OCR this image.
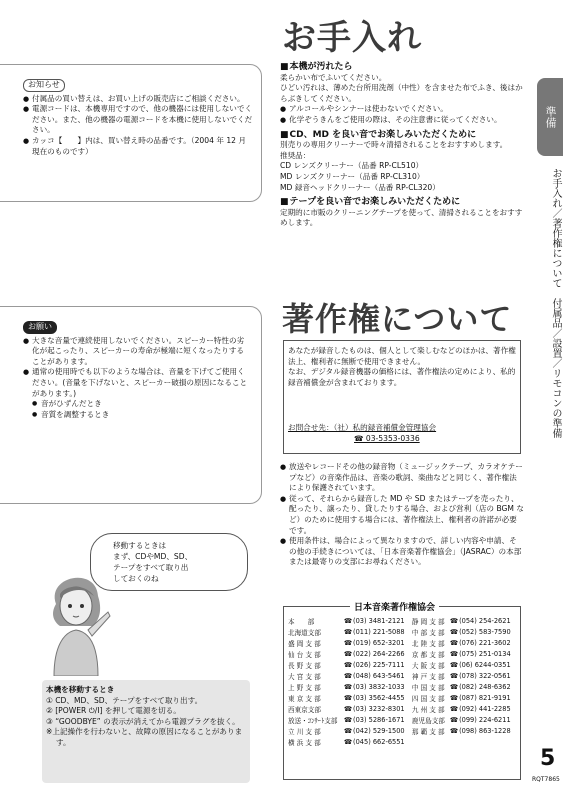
お手入れ
準備
お手入れ／著作権について　付属品／設置／リモコンの準備
お知らせ
● 付属品の買い替えは、お買い上げの販売店にご相談ください。
● 電源コードは、本機専用ですので、他の機器には使用しないでください。また、他の機器の電源コードを本機に使用しないでください。
● カッコ【　　】内は、買い替え時の品番です。（2004 年 12 月現在のものです）
お願い
● 大きな音量で連続使用しないでください。スピーカー特性の劣化が起こったり、スピーカーの寿命が極端に短くなったりすることがあります。
● 通常の使用時でも以下のような場合は、音量を下げてご使用ください。(音量を下げないと、スピーカー破損の原因になることがあります。)
● 音がひずんだとき
● 音質を調整するとき
移動するときは
まず、CDやMD、SD、
テープをすべて取り出
しておくのね
本機を移動するとき
① CD、MD、SD、テープをすべて取り出す。
② [POWER ⏻/I] を押して電源を切る。
③ “GOODBYE” の表示が消えてから電源プラグを抜く。
※上記操作を行わないと、故障の原因になることがあります。
■ 本機が汚れたら
柔らかい布でふいてください。
ひどい汚れは、薄めた台所用洗剤（中性）を含ませた布でふき、後はからぶきしてください。
● アルコールやシンナーは使わないでください。
● 化学ぞうきんをご使用の際は、その注意書に従ってください。
■ CD、MD を良い音でお楽しみいただくために
別売りの専用クリーナーで時々清掃されることをおすすめします。
推奨品：
CD レンズクリーナー（品番 RP-CL510）
MD レンズクリーナー（品番 RP-CL310）
MD 録音ヘッドクリーナー（品番 RP-CL320）
■ テープを良い音でお楽しみいただくために
定期的に市販のクリーニングテープを使って、清掃されることをおすすめします。
著作権について
あなたが録音したものは、個人として楽しむなどのほかは、著作権法上、権利者に無断で使用できません。
なお、デジタル録音機器の価格には、著作権法の定めにより、私的録音補償金が含まれております。
お問合せ先：（社）私的録音補償金管理協会
☎ 03-5353-0336
● 放送やレコードその他の録音物（ミュージックテープ、カラオケテープなど）の音楽作品は、音楽の歌詞、楽曲などと同じく、著作権法により保護されています。
● 従って、それらから録音した MD や SD またはテープを売ったり、配ったり、譲ったり、貸したりする場合、および営利（店の BGM など）のために使用する場合には、著作権法上、権利者の許諾が必要です。
● 使用条件は、場合によって異なりますので、詳しい内容や申請、その他の手続きについては、「日本音楽著作権協会」（JASRAC）の本部または最寄りの支部にお尋ねください。
日本音楽著作権協会
本　　部	☎ (03) 3481-2121	静 岡 支 部	☎ (054) 254-2621
北海道支部	☎ (011) 221-5088	中 部 支 部	☎ (052) 583-7590
盛 岡 支 部	☎ (019) 652-3201	北 陸 支 部	☎ (076) 221-3602
仙 台 支 部	☎ (022) 264-2266	京 都 支 部	☎ (075) 251-0134
長 野 支 部	☎ (026) 225-7111	大 阪 支 部	☎ (06) 6244-0351
大 宮 支 部	☎ (048) 643-5461	神 戸 支 部	☎ (078) 322-0561
上 野 支 部	☎ (03) 3832-1033	中 国 支 部	☎ (082) 248-6362
東 京 支 部	☎ (03) 3562-4455	四 国 支 部	☎ (087) 821-9191
西東京支部	☎ (03) 3232-8301	九 州 支 部	☎ (092) 441-2285
放送・ｺﾝｻｰﾄ支部	☎ (03) 5286-1671	鹿児島支部	☎ (099) 224-6211
立 川 支 部	☎ (042) 529-1500	那 覇 支 部	☎ (098) 863-1228
横 浜 支 部	☎ (045) 662-6551		
5
RQT7865
